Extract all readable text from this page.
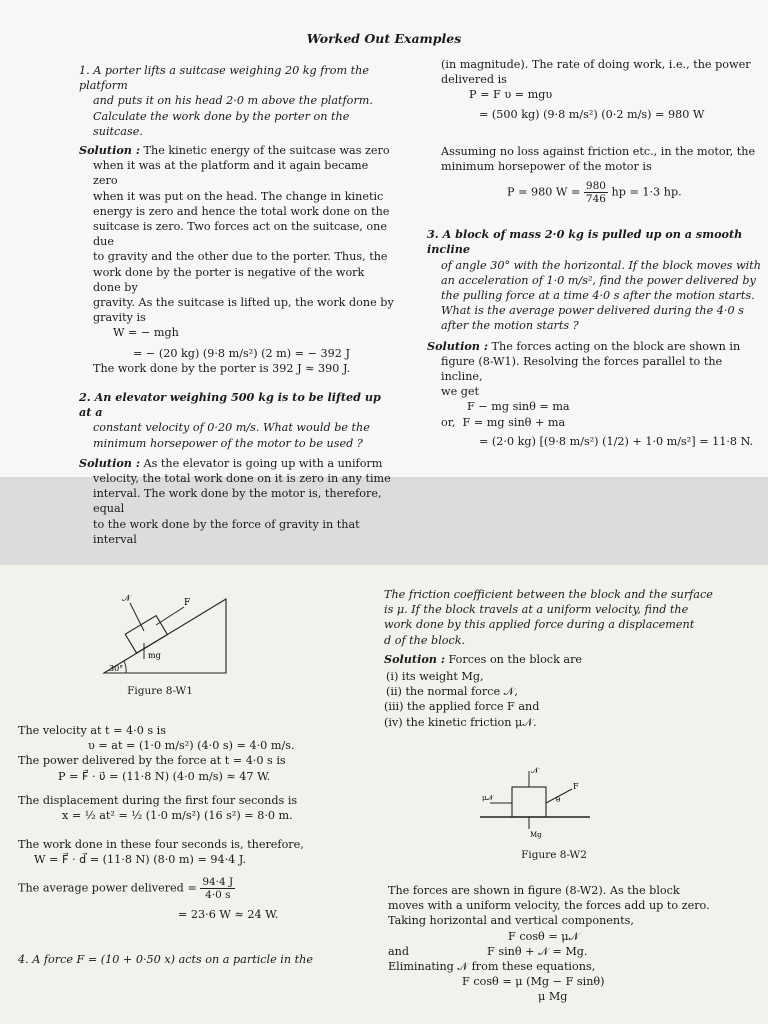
Worked Out Examples

1. A porter lifts a suitcase weighing 20 kg from the platform

and puts it on his head 2·0 m above the platform.

Calculate the work done by the porter on the suitcase.

Solution : The kinetic energy of the suitcase was zero

when it was at the platform and it again became zero

when it was put on the head. The change in kinetic

energy is zero and hence the total work done on the

suitcase is zero. Two forces act on the suitcase, one due

to gravity and the other due to the porter. Thus, the

work done by the porter is negative of the work done by

gravity. As the suitcase is lifted up, the work done by

gravity is

W = − mgh

= − (20 kg) (9·8 m/s²) (2 m) = − 392 J

The work done by the porter is 392 J ≈ 390 J.

2. An elevator weighing 500 kg is to be lifted up at a

constant velocity of 0·20 m/s. What would be the

minimum horsepower of the motor to be used ?

Solution : As the elevator is going up with a uniform

velocity, the total work done on it is zero in any time

interval. The work done by the motor is, therefore, equal

to the work done by the force of gravity in that interval

(in magnitude). The rate of doing work, i.e., the power

delivered is

P = F υ = mgυ

= (500 kg) (9·8 m/s²) (0·2 m/s) = 980 W

Assuming no loss against friction etc., in the motor, the

minimum horsepower of the motor is

P = 980 $W = \frac{980}{746}$ hp = 1·3 hp.

3. A block of mass 2·0 kg is pulled up on a smooth incline

of angle 30° with the horizontal. If the block moves with

an acceleration of 1·0 m/s², find the power delivered by

the pulling force at a time 4·0 s after the motion starts.

What is the average power delivered during the 4·0 s

after the motion starts ?

Solution : The forces acting on the block are shown in

figure (8-W1). Resolving the forces parallel to the incline,

we get

F − mg sinθ = ma

or, F = mg sinθ + ma

= (2·0 kg) [(9·8 m/s²) (1/2) + 1·0 m/s²] = 11·8 N.

𝒩	F
30°
mg
Figure 8-W1

The velocity at t = 4·0 s is

υ = at = (1·0 m/s²) (4·0 s) = 4·0 m/s.

The power delivered by the force at t = 4·0 s is

P = F⃗ · υ⃗ = (11·8 N) (4·0 m/s) ≈ 47 W.

The displacement during the first four seconds is

x = ½ at² = ½ (1·0 m/s²) (16 s²) = 8·0 m.

The work done in these four seconds is, therefore,

W = F⃗ · d⃗ = (11·8 N) (8·0 m) = 94·4 J.

The average power delivered = $\frac{94\cdot 4 J}{4\cdot 0 s}$

= 23·6 W ≈ 24 W.

4. A force F = (10 + 0·50 x) acts on a particle in the

The friction coefficient between the block and the surface

is μ. If the block travels at a uniform velocity, find the

work done by this applied force during a displacement

d of the block.

Solution : Forces on the block are

(i) its weight Mg,

(ii) the normal force 𝒩,

(iii) the applied force F and

(iv) the kinetic friction μ𝒩.

𝒩
μ𝒩
F
θ
Mg
Figure 8-W2

The forces are shown in figure (8-W2). As the block

moves with a uniform velocity, the forces add up to zero.

Taking horizontal and vertical components,

F cosθ = μ𝒩

and	F sinθ + 𝒩 = Mg.

Eliminating 𝒩 from these equations,

F cosθ = μ (Mg − F sinθ)

μ Mg
